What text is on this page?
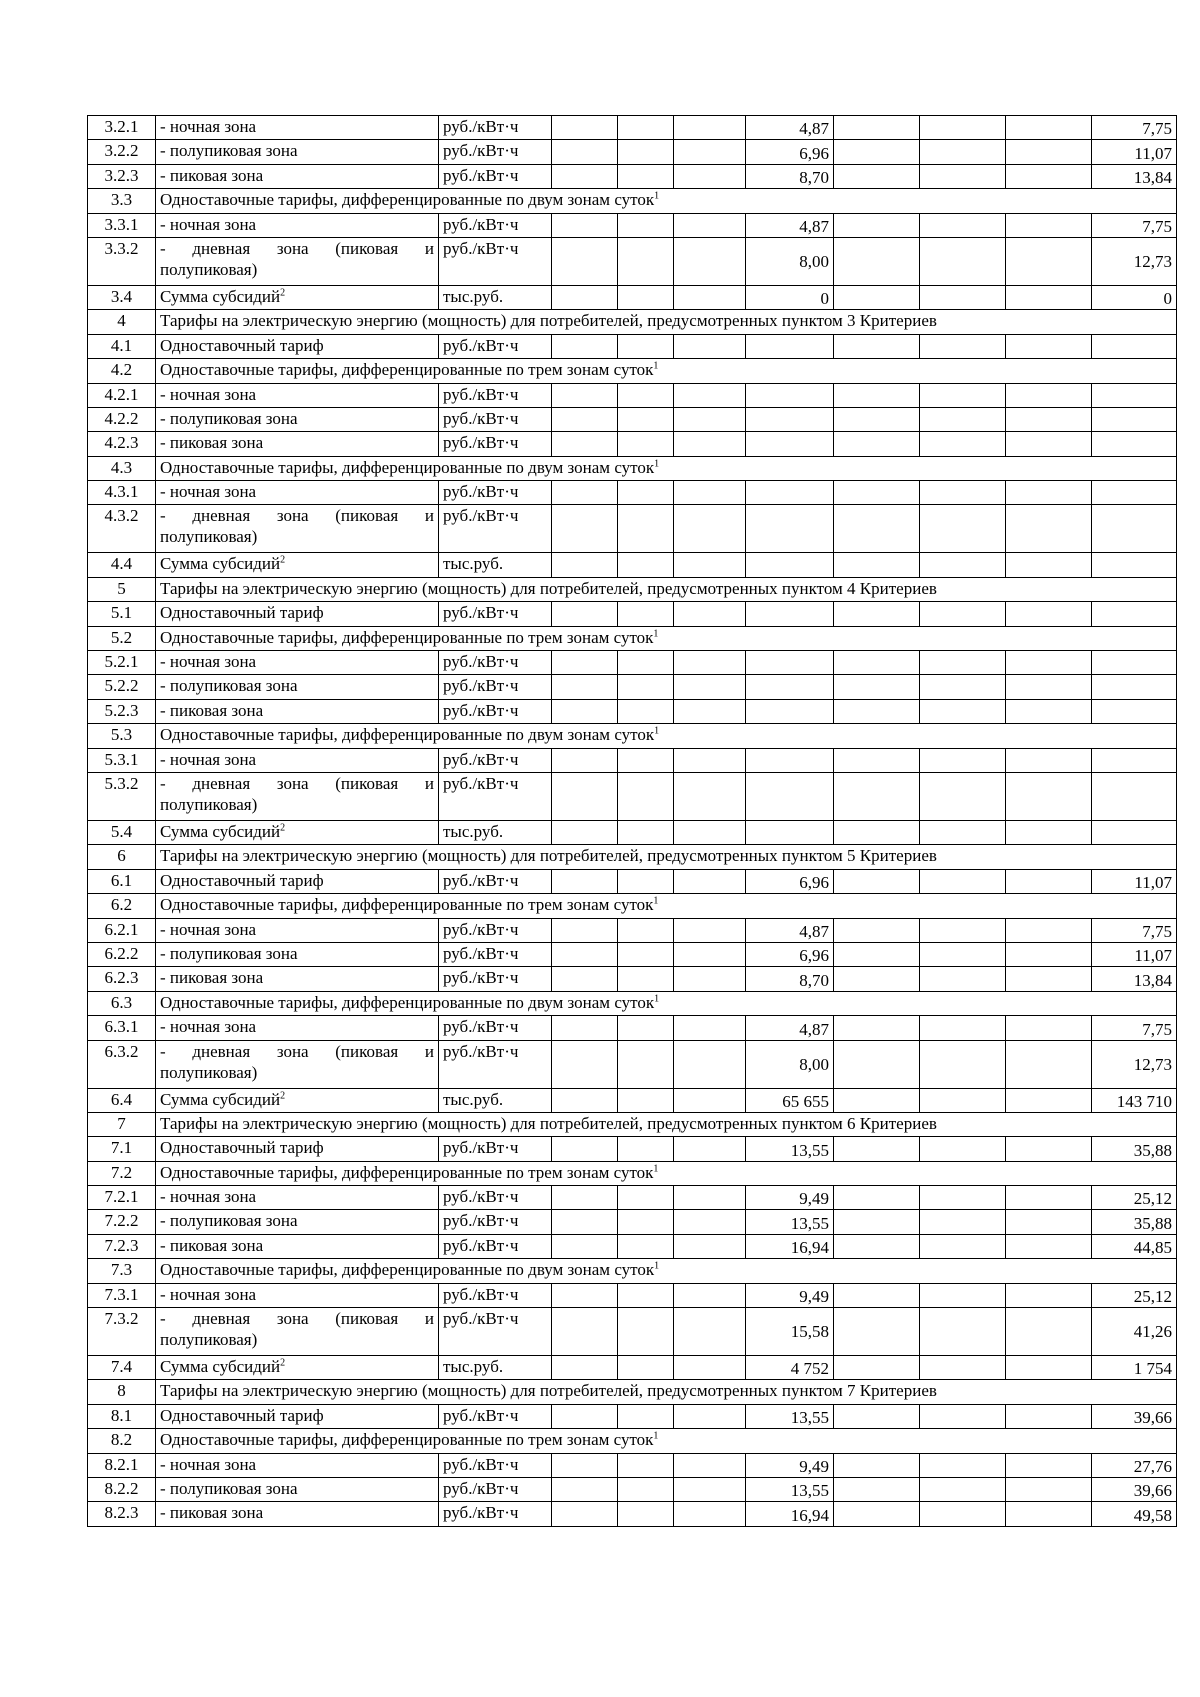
3.2.1	- ночная зона	руб./кВт·ч				4,87				7,75
3.2.2	- полупиковая зона	руб./кВт·ч				6,96				11,07
3.2.3	- пиковая зона	руб./кВт·ч				8,70				13,84
3.3	Одноставочные тарифы, дифференцированные по двум зонам суток$^1$
3.3.1	- ночная зона	руб./кВт·ч				4,87				7,75
3.3.2	- дневная зона (пиковая и полупиковая)	руб./кВт·ч				8,00				12,73
3.4	Сумма субсидий$^2$	тыс.руб.				0				0
4	Тарифы на электрическую энергию (мощность) для потребителей, предусмотренных пунктом 3 Критериев									
4.1	Одноставочный тариф	руб./кВт·ч								
4.2	Одноставочные тарифы, дифференцированные по трем зонам суток$^1$
4.2.1	- ночная зона	руб./кВт·ч								
4.2.2	- полупиковая зона	руб./кВт·ч								
4.2.3	- пиковая зона	руб./кВт·ч								
4.3	Одноставочные тарифы, дифференцированные по двум зонам суток$^1$
4.3.1	- ночная зона	руб./кВт·ч								
4.3.2	- дневная зона (пиковая и полупиковая)	руб./кВт·ч								
4.4	Сумма субсидий$^2$	тыс.руб.								
5	Тарифы на электрическую энергию (мощность) для потребителей, предусмотренных пунктом 4 Критериев									
5.1	Одноставочный тариф	руб./кВт·ч								
5.2	Одноставочные тарифы, дифференцированные по трем зонам суток$^1$
5.2.1	- ночная зона	руб./кВт·ч								
5.2.2	- полупиковая зона	руб./кВт·ч								
5.2.3	- пиковая зона	руб./кВт·ч								
5.3	Одноставочные тарифы, дифференцированные по двум зонам суток$^1$
5.3.1	- ночная зона	руб./кВт·ч								
5.3.2	- дневная зона (пиковая и полупиковая)	руб./кВт·ч								
5.4	Сумма субсидий$^2$	тыс.руб.								
6	Тарифы на электрическую энергию (мощность) для потребителей, предусмотренных пунктом 5 Критериев									
6.1	Одноставочный тариф	руб./кВт·ч				6,96				11,07
6.2	Одноставочные тарифы, дифференцированные по трем зонам суток$^1$
6.2.1	- ночная зона	руб./кВт·ч				4,87				7,75
6.2.2	- полупиковая зона	руб./кВт·ч				6,96				11,07
6.2.3	- пиковая зона	руб./кВт·ч				8,70				13,84
6.3	Одноставочные тарифы, дифференцированные по двум зонам суток$^1$
6.3.1	- ночная зона	руб./кВт·ч				4,87				7,75
6.3.2	- дневная зона (пиковая и полупиковая)	руб./кВт·ч				8,00				12,73
6.4	Сумма субсидий$^2$	тыс.руб.				65 655				143 710
7	Тарифы на электрическую энергию (мощность) для потребителей, предусмотренных пунктом 6 Критериев									
7.1	Одноставочный тариф	руб./кВт·ч				13,55				35,88
7.2	Одноставочные тарифы, дифференцированные по трем зонам суток$^1$
7.2.1	- ночная зона	руб./кВт·ч				9,49				25,12
7.2.2	- полупиковая зона	руб./кВт·ч				13,55				35,88
7.2.3	- пиковая зона	руб./кВт·ч				16,94				44,85
7.3	Одноставочные тарифы, дифференцированные по двум зонам суток$^1$
7.3.1	- ночная зона	руб./кВт·ч				9,49				25,12
7.3.2	- дневная зона (пиковая и полупиковая)	руб./кВт·ч				15,58				41,26
7.4	Сумма субсидий$^2$	тыс.руб.				4 752				1 754
8	Тарифы на электрическую энергию (мощность) для потребителей, предусмотренных пунктом 7 Критериев									
8.1	Одноставочный тариф	руб./кВт·ч				13,55				39,66
8.2	Одноставочные тарифы, дифференцированные по трем зонам суток$^1$
8.2.1	- ночная зона	руб./кВт·ч				9,49				27,76
8.2.2	- полупиковая зона	руб./кВт·ч				13,55				39,66
8.2.3	- пиковая зона	руб./кВт·ч				16,94				49,58
